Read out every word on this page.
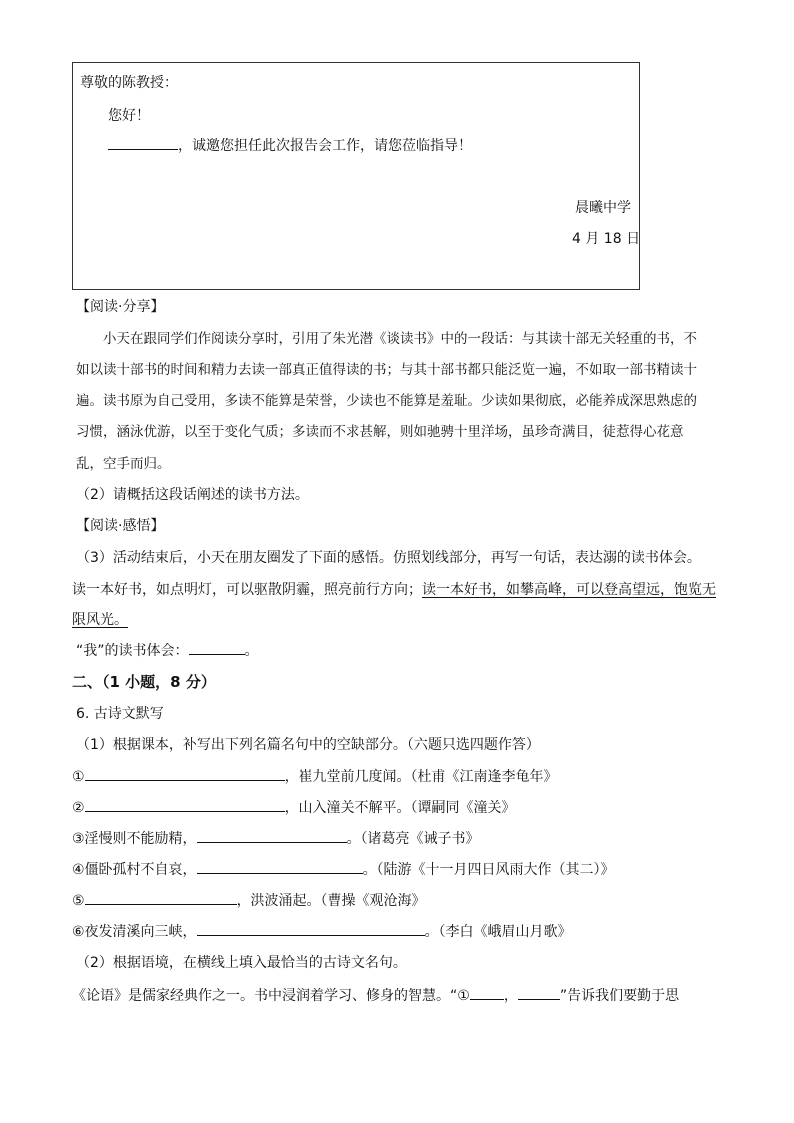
尊敬的陈教授：
您好！
，诚邀您担任此次报告会工作，请您莅临指导！
晨曦中学
4 月 18 日
【阅读·分享】
小天在跟同学们作阅读分享时，引用了朱光潜《谈读书》中的一段话：与其读十部无关轻重的书，不
如以读十部书的时间和精力去读一部真正值得读的书；与其十部书都只能泛览一遍，不如取一部书精读十
遍。读书原为自己受用，多读不能算是荣誉，少读也不能算是羞耻。少读如果彻底，必能养成深思熟虑的
习惯，涵泳优游，以至于变化气质；多读而不求甚解，则如驰骋十里洋场，虽珍奇满目，徒惹得心花意
乱，空手而归。
（2）请概括这段话阐述的读书方法。
【阅读·感悟】
（3）活动结束后，小天在朋友圈发了下面的感悟。仿照划线部分，再写一句话，表达溺的读书体会。
读一本好书，如点明灯，可以驱散阴霾，照亮前行方向；读一本好书，如攀高峰，可以登高望远，饱览无
限风光。
“我”的读书体会：	。
二、（1 小题，8 分）
6. 古诗文默写
（1）根据课本，补写出下列名篇名句中的空缺部分。（六题只选四题作答）
①	，崔九堂前几度闻。（杜甫《江南逢李龟年》
②	，山入潼关不解平。（谭嗣同《潼关》
③淫慢则不能励精，	。（诸葛亮《诫子书》
④僵卧孤村不自哀，	。（陆游《十一月四日风雨大作（其二）》
⑤	，洪波涌起。（曹操《观沧海》
⑥夜发清溪向三峡，	。（李白《峨眉山月歌》
（2）根据语境，在横线上填入最恰当的古诗文名句。
《论语》是儒家经典作之一。书中浸润着学习、修身的智慧。“① ，	”告诉我们要勤于思
